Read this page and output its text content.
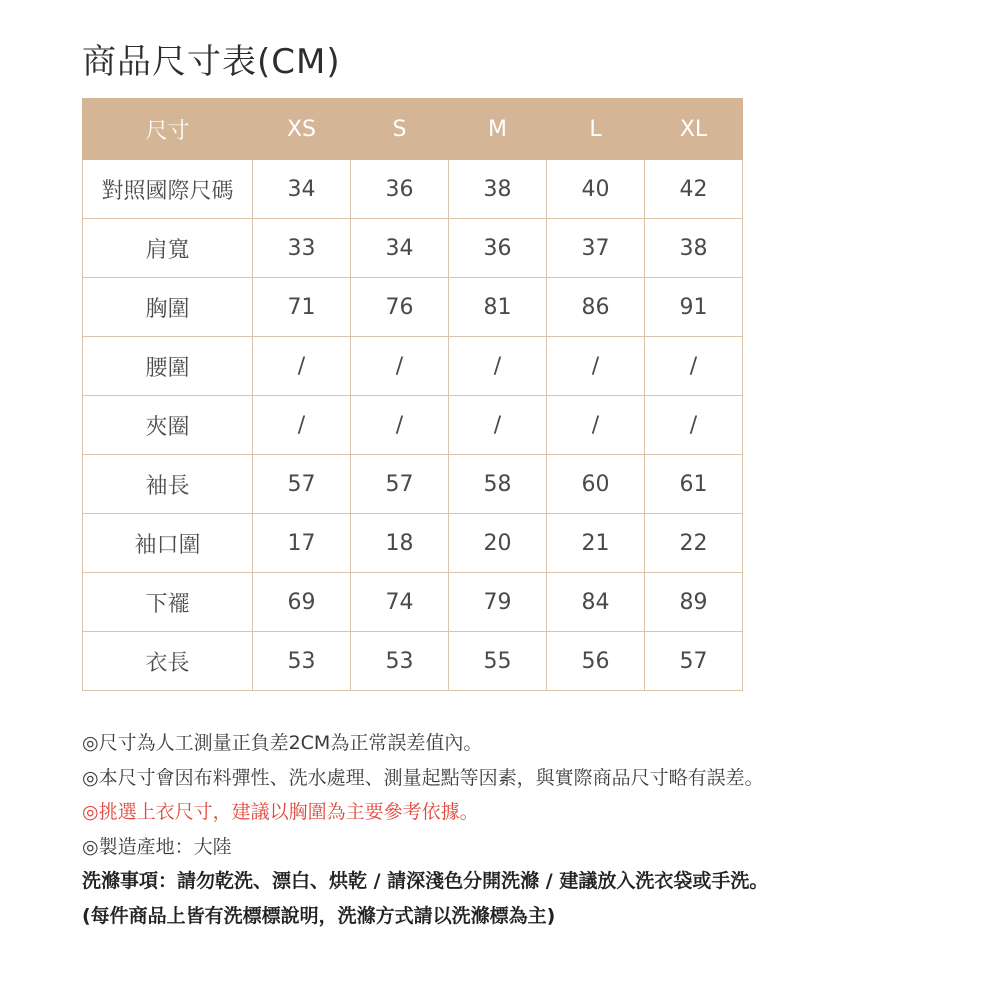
商品尺寸表(CM)
尺寸	XS	S	M	L	XL
對照國際尺碼	34	36	38	40	42
肩寬	33	34	36	37	38
胸圍	71	76	81	86	91
腰圍	/	/	/	/	/
夾圈	/	/	/	/	/
袖長	57	57	58	60	61
袖口圍	17	18	20	21	22
下襬	69	74	79	84	89
衣長	53	53	55	56	57
◎尺寸為人工測量正負差2CM為正常誤差值內。
◎本尺寸會因布料彈性、洗水處理、測量起點等因素，與實際商品尺寸略有誤差。
◎挑選上衣尺寸，建議以胸圍為主要參考依據。
◎製造產地：大陸
洗滌事項：請勿乾洗、漂白、烘乾 / 請深淺色分開洗滌 / 建議放入洗衣袋或手洗。
(每件商品上皆有洗標標說明，洗滌方式請以洗滌標為主)
